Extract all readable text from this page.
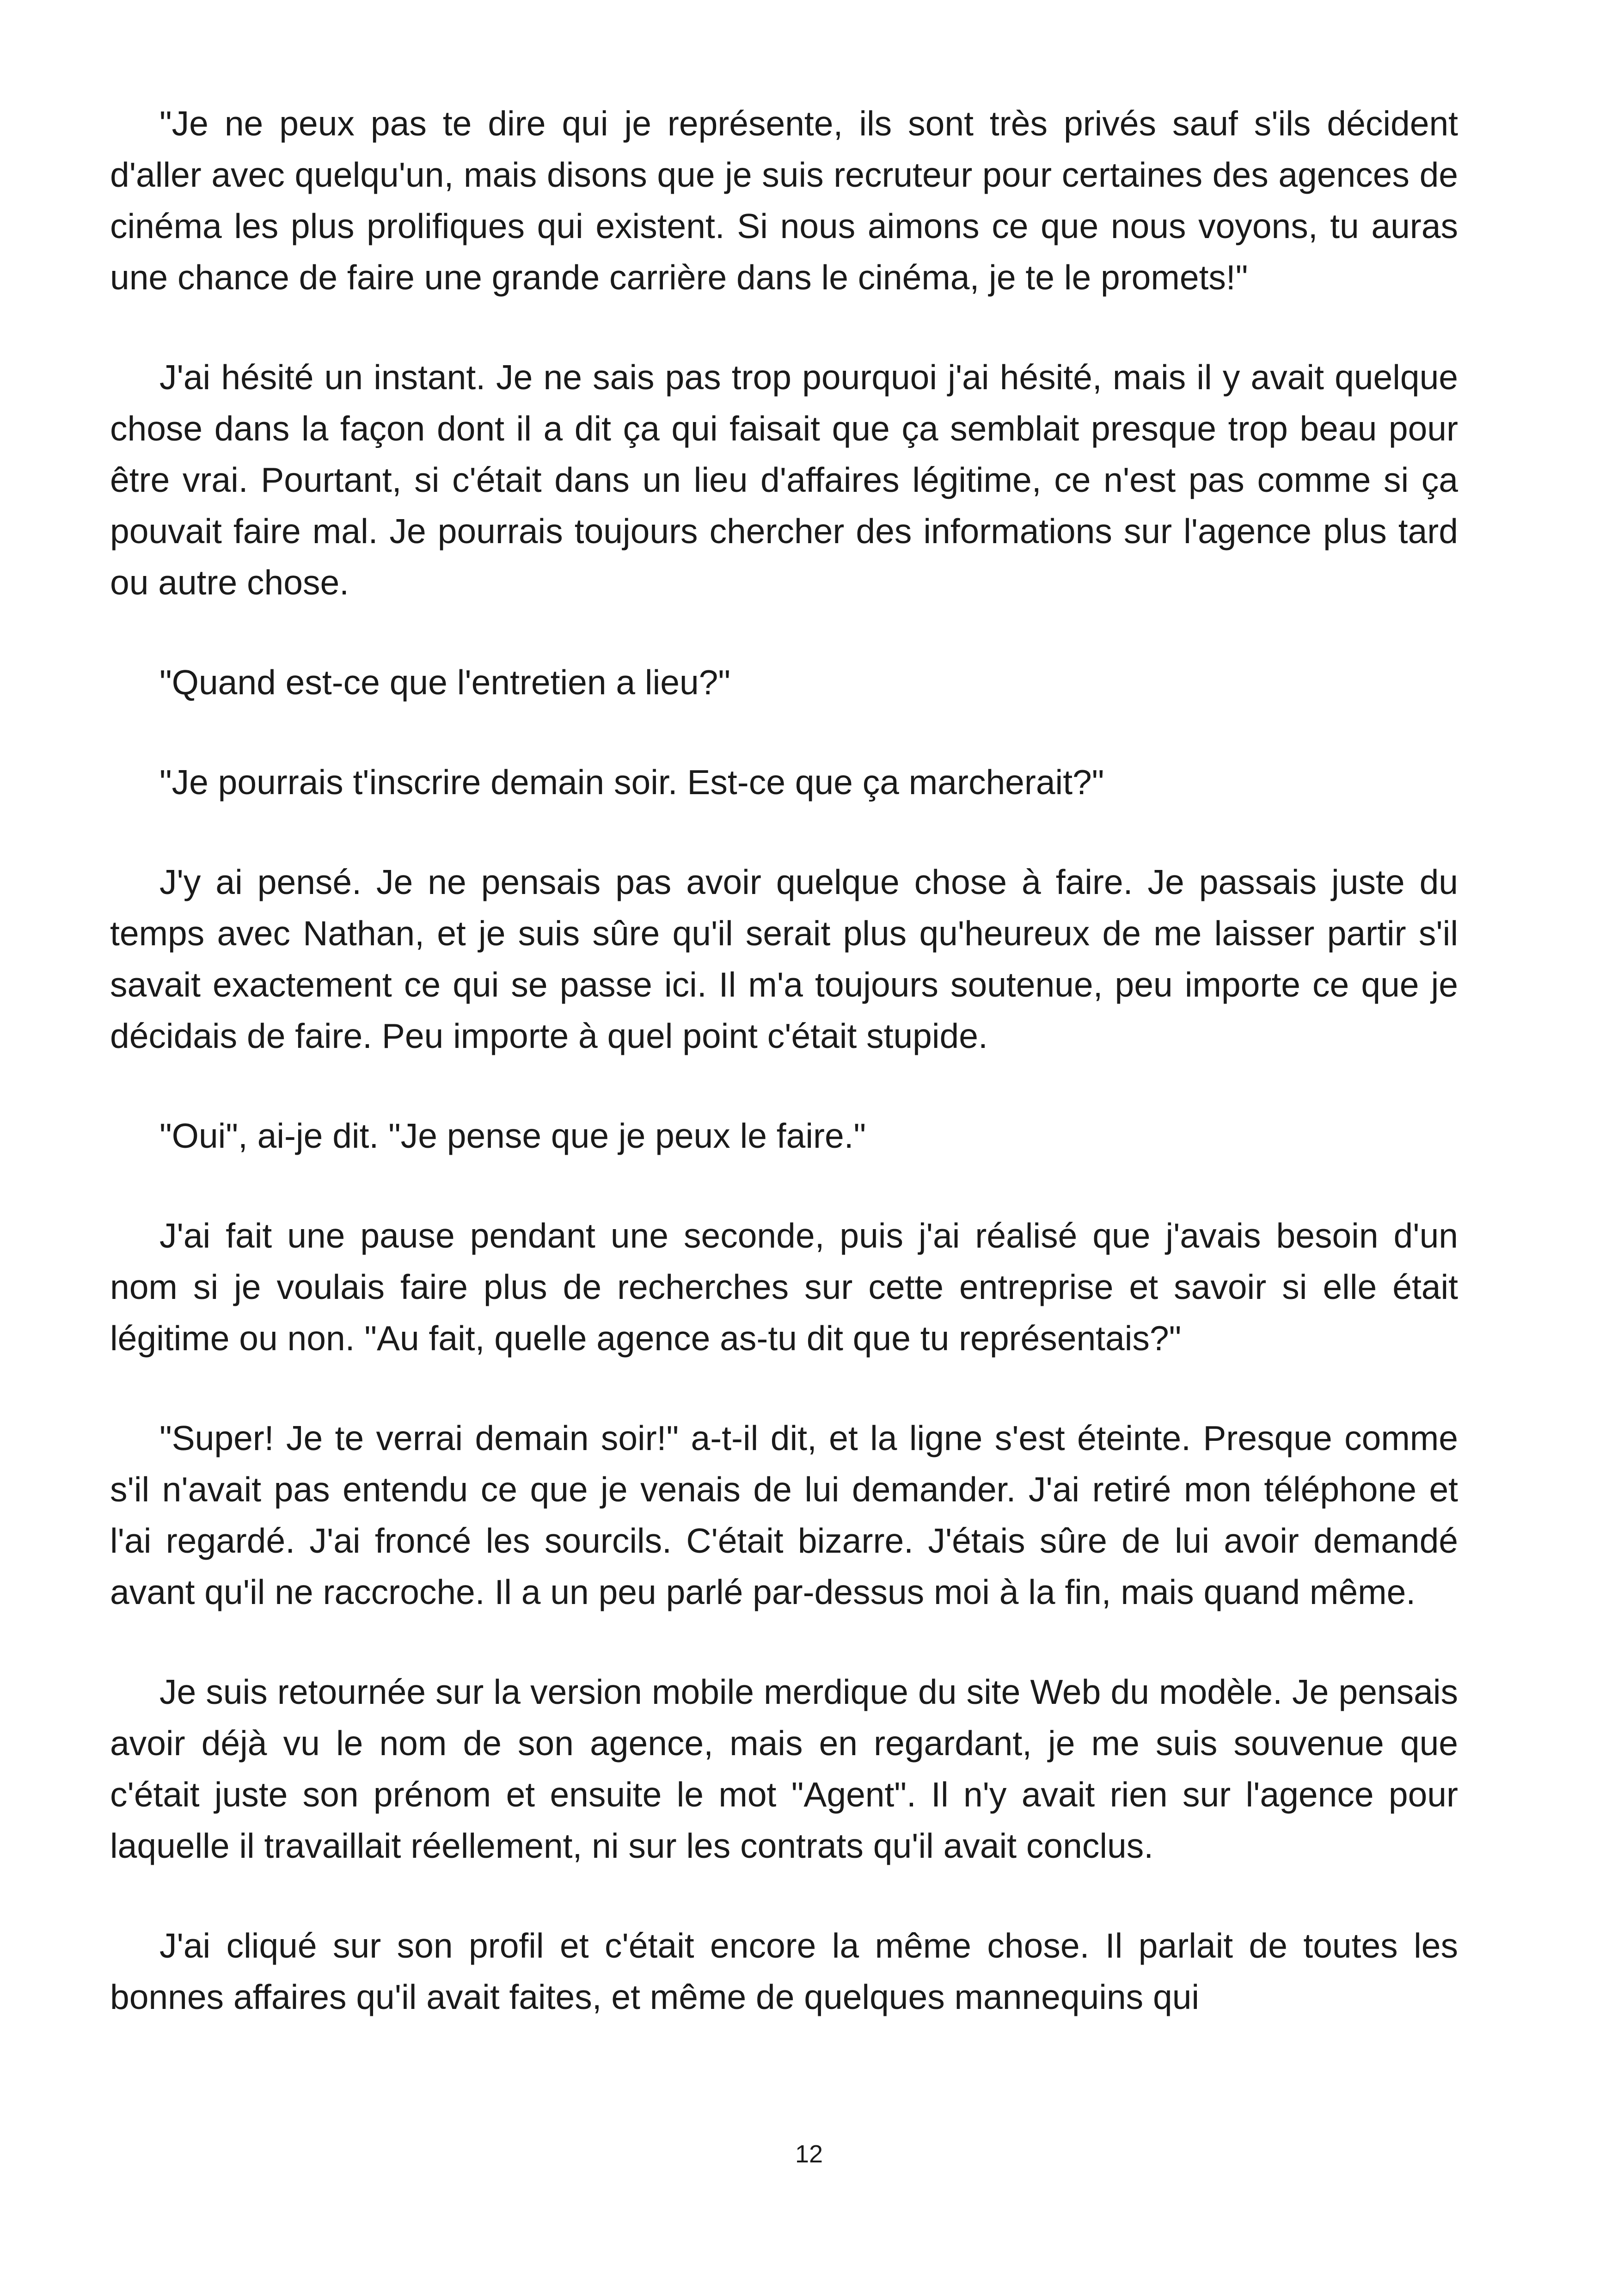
"Je ne peux pas te dire qui je représente, ils sont très privés sauf s'ils décident d'aller avec quelqu'un, mais disons que je suis recruteur pour certaines des agences de cinéma les plus prolifiques qui existent. Si nous aimons ce que nous voyons, tu auras une chance de faire une grande carrière dans le cinéma, je te le promets!"

J'ai hésité un instant. Je ne sais pas trop pourquoi j'ai hésité, mais il y avait quelque chose dans la façon dont il a dit ça qui faisait que ça semblait presque trop beau pour être vrai. Pourtant, si c'était dans un lieu d'affaires légitime, ce n'est pas comme si ça pouvait faire mal. Je pourrais toujours chercher des informations sur l'agence plus tard ou autre chose.

"Quand est-ce que l'entretien a lieu?"

"Je pourrais t'inscrire demain soir. Est-ce que ça marcherait?"

J'y ai pensé. Je ne pensais pas avoir quelque chose à faire. Je passais juste du temps avec Nathan, et je suis sûre qu'il serait plus qu'heureux de me laisser partir s'il savait exactement ce qui se passe ici. Il m'a toujours soutenue, peu importe ce que je décidais de faire. Peu importe à quel point c'était stupide.

"Oui", ai-je dit. "Je pense que je peux le faire."

J'ai fait une pause pendant une seconde, puis j'ai réalisé que j'avais besoin d'un nom si je voulais faire plus de recherches sur cette entreprise et savoir si elle était légitime ou non. "Au fait, quelle agence as-tu dit que tu représentais?"

"Super! Je te verrai demain soir!" a-t-il dit, et la ligne s'est éteinte. Presque comme s'il n'avait pas entendu ce que je venais de lui demander. J'ai retiré mon téléphone et l'ai regardé. J'ai froncé les sourcils. C'était bizarre. J'étais sûre de lui avoir demandé avant qu'il ne raccroche. Il a un peu parlé par-dessus moi à la fin, mais quand même.

Je suis retournée sur la version mobile merdique du site Web du modèle. Je pensais avoir déjà vu le nom de son agence, mais en regardant, je me suis souvenue que c'était juste son prénom et ensuite le mot "Agent". Il n'y avait rien sur l'agence pour laquelle il travaillait réellement, ni sur les contrats qu'il avait conclus.

J'ai cliqué sur son profil et c'était encore la même chose. Il parlait de toutes les bonnes affaires qu'il avait faites, et même de quelques mannequins qui

12
